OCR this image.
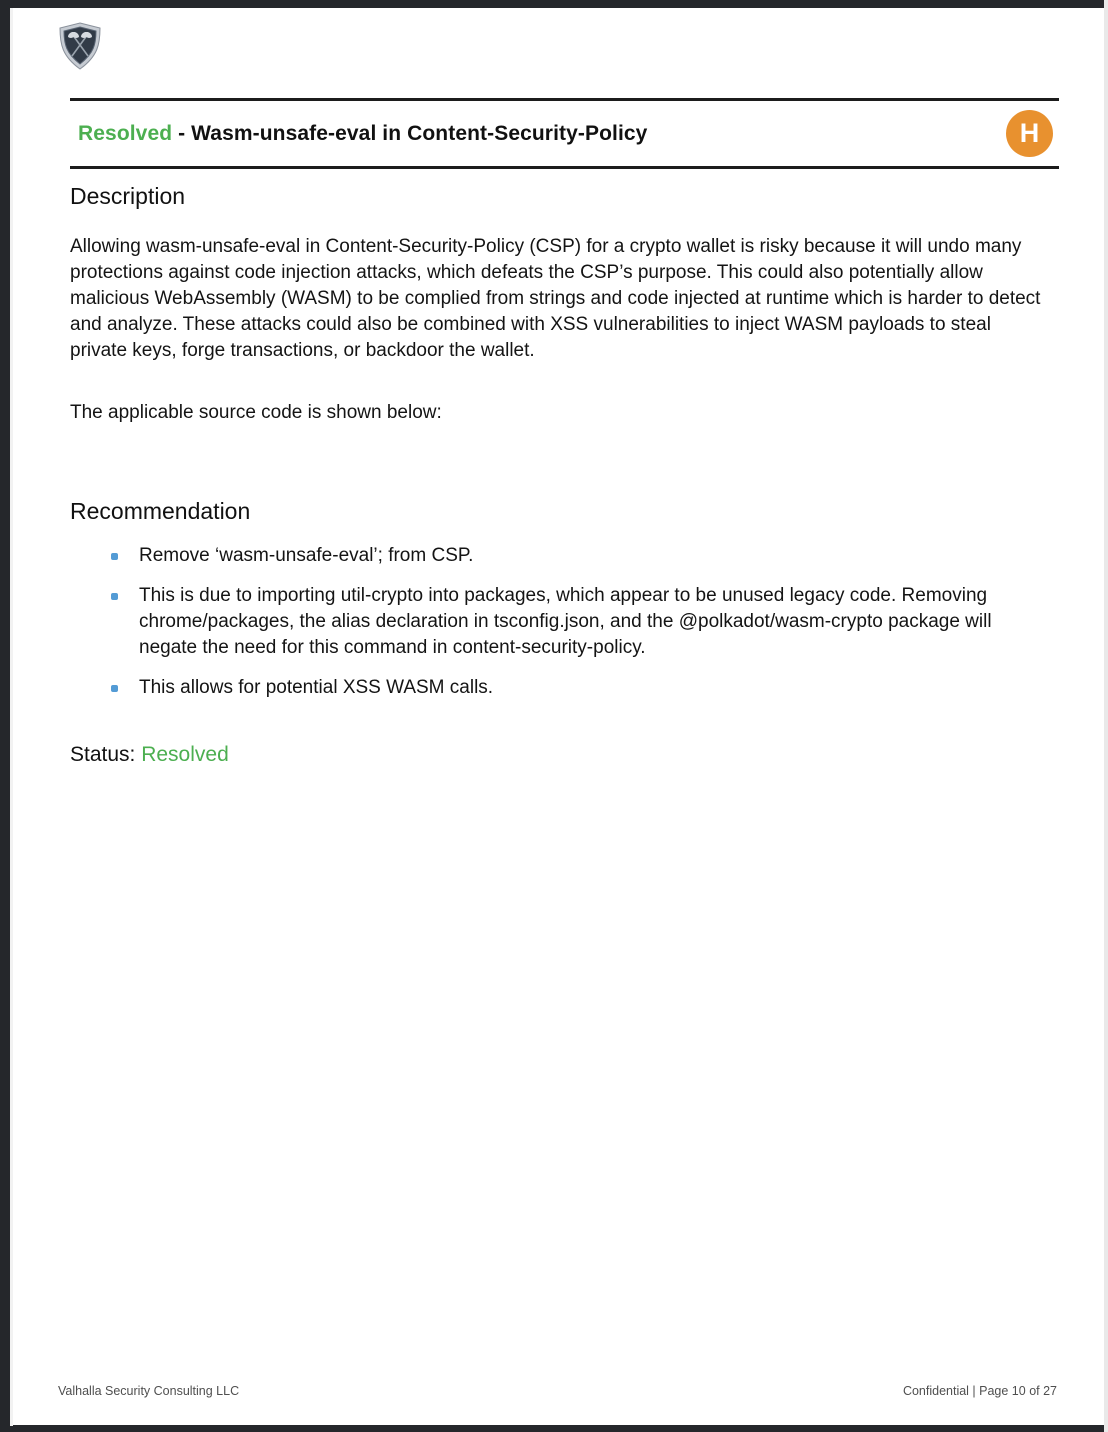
Resolved - Wasm-unsafe-eval in Content-Security-Policy	H
Description

Allowing wasm-unsafe-eval in Content-Security-Policy (CSP) for a crypto wallet is risky because it will undo many protections against code injection attacks, which defeats the CSP’s purpose. This could also potentially allow malicious WebAssembly (WASM) to be complied from strings and code injected at runtime which is harder to detect and analyze. These attacks could also be combined with XSS vulnerabilities to inject WASM payloads to steal private keys, forge transactions, or backdoor the wallet.

The applicable source code is shown below:

Recommendation
Remove ‘wasm-unsafe-eval’; from CSP.
This is due to importing util-crypto into packages, which appear to be unused legacy code. Removing chrome/packages, the alias declaration in tsconfig.json, and the @polkadot/wasm-crypto package will negate the need for this command in content-security-policy.
This allows for potential XSS WASM calls.
Status: Resolved
Valhalla Security Consulting LLC	Confidential | Page 10 of 27
